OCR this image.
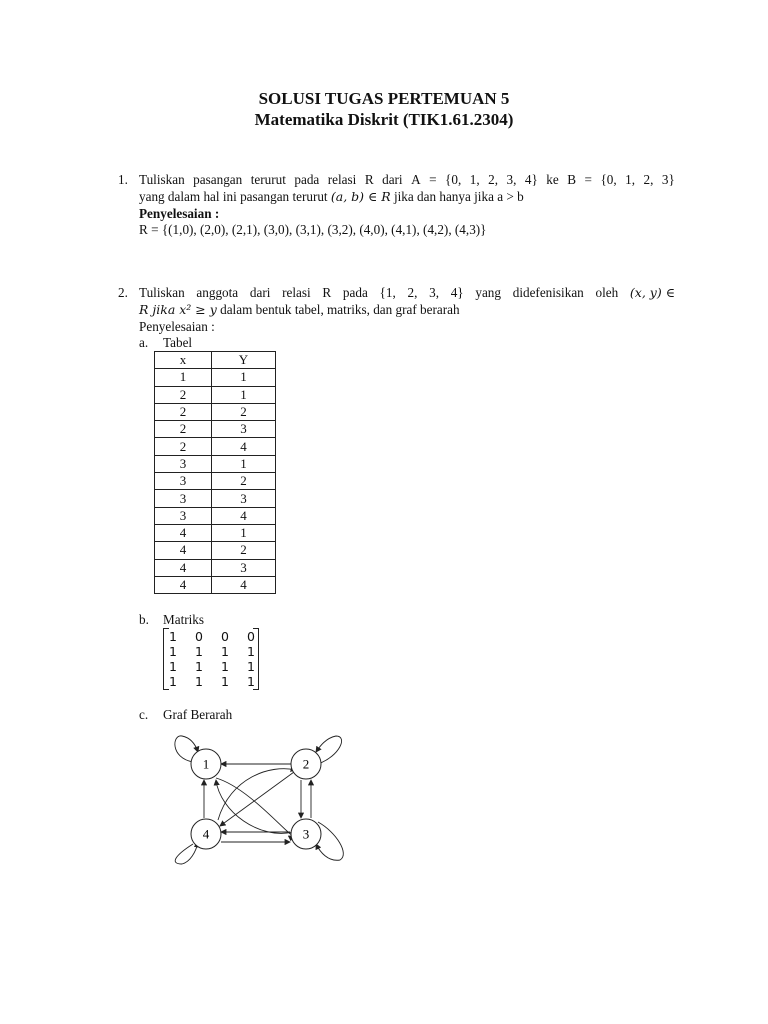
SOLUSI TUGAS PERTEMUAN 5
Matematika Diskrit (TIK1.61.2304)
1. Tuliskan pasangan terurut pada relasi R dari A = {0, 1, 2, 3, 4} ke B = {0, 1, 2, 3}
yang dalam hal ini pasangan terurut (a, b) ∈ R jika dan hanya jika a > b
Penyelesaian :
R = {(1,0), (2,0), (2,1), (3,0), (3,1), (3,2), (4,0), (4,1), (4,2), (4,3)}
2. Tuliskan anggota dari relasi R pada {1, 2, 3, 4} yang didefenisikan oleh (x, y) ∈
R jika x² ≥ y dalam bentuk tabel, matriks, dan graf berarah
Penyelesaian :
a. Tabel
x	Y
1	1
2	1
2	2
2	3
2	4
3	1
3	2
3	3
3	4
4	1
4	2
4	3
4	4
b. Matriks
1 0 0 0
1 1 1 1
1 1 1 1
1 1 1 1
c. Graf Berarah
1	2
3
4
